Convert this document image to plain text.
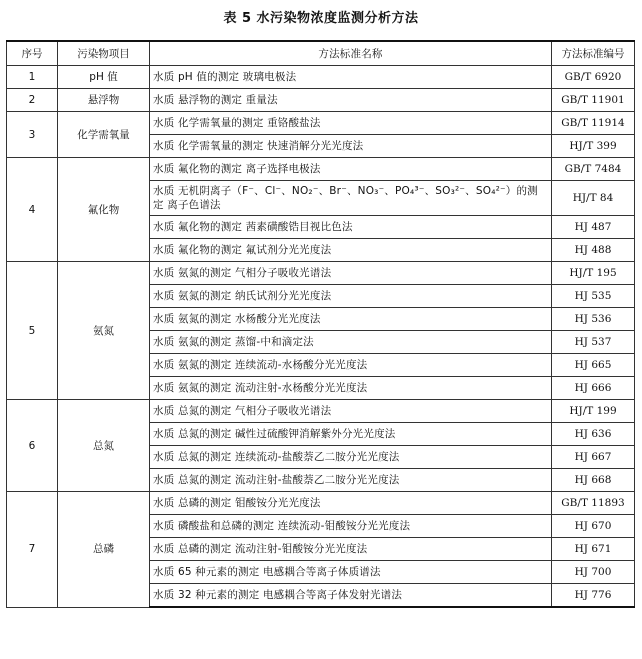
表 5 水污染物浓度监测分析方法
序号	污染物项目	方法标准名称	方法标准编号
1	pH 值	水质 pH 值的测定 玻璃电极法	GB/T 6920
2	悬浮物	水质 悬浮物的测定 重量法	GB/T 11901
3	化学需氧量	水质 化学需氧量的测定 重铬酸盐法	GB/T 11914
		水质 化学需氧量的测定 快速消解分光光度法	HJ/T 399
4	氟化物	水质 氟化物的测定 离子选择电极法	GB/T 7484
		水质 无机阴离子（F⁻、Cl⁻、NO₂⁻、Br⁻、NO₃⁻、PO₄³⁻、SO₃²⁻、SO₄²⁻）的测定 离子色谱法	HJ/T 84
		水质 氟化物的测定 茜素磺酸锆目视比色法	HJ 487
		水质 氟化物的测定 氟试剂分光光度法	HJ 488
5	氨氮	水质 氨氮的测定 气相分子吸收光谱法	HJ/T 195
		水质 氨氮的测定 纳氏试剂分光光度法	HJ 535
		水质 氨氮的测定 水杨酸分光光度法	HJ 536
		水质 氨氮的测定 蒸馏-中和滴定法	HJ 537
		水质 氨氮的测定 连续流动-水杨酸分光光度法	HJ 665
		水质 氨氮的测定 流动注射-水杨酸分光光度法	HJ 666
6	总氮	水质 总氮的测定 气相分子吸收光谱法	HJ/T 199
		水质 总氮的测定 碱性过硫酸钾消解紫外分光光度法	HJ 636
		水质 总氮的测定 连续流动-盐酸萘乙二胺分光光度法	HJ 667
		水质 总氮的测定 流动注射-盐酸萘乙二胺分光光度法	HJ 668
7	总磷	水质 总磷的测定 钼酸铵分光光度法	GB/T 11893
		水质 磷酸盐和总磷的测定 连续流动-钼酸铵分光光度法	HJ 670
		水质 总磷的测定 流动注射-钼酸铵分光光度法	HJ 671
		水质 65 种元素的测定 电感耦合等离子体质谱法	HJ 700
		水质 32 种元素的测定 电感耦合等离子体发射光谱法	HJ 776
